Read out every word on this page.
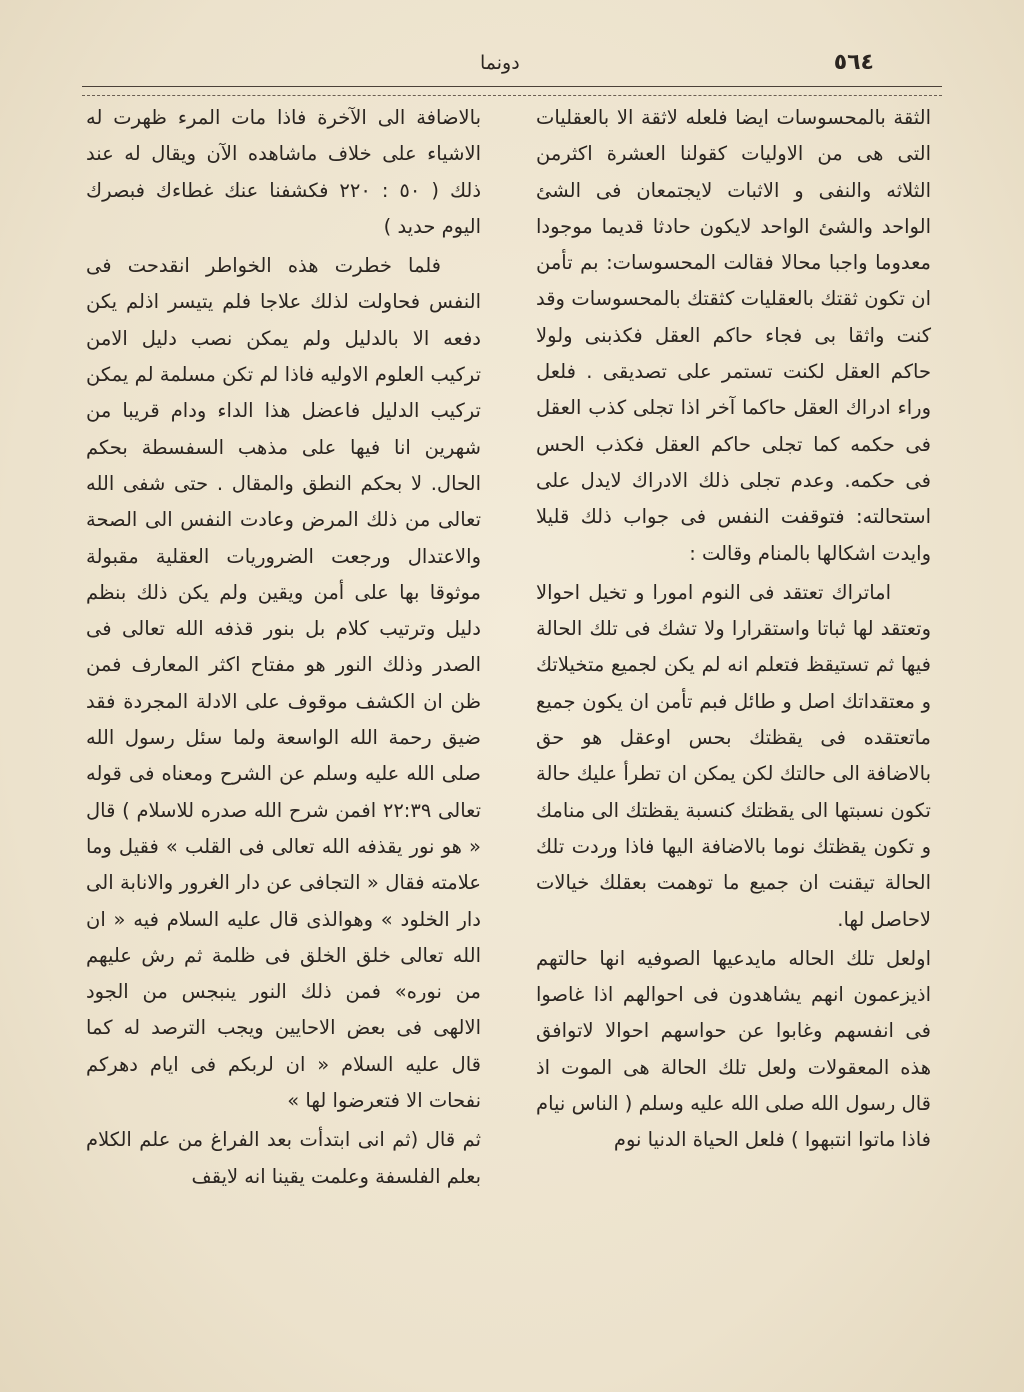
٥٦٤
دونما

الثقة بالمحسوسات ايضا فلعله لاثقة الا بالعقليات التى هى من الاوليات كقولنا العشرة اكثرمن الثلاثه والنفى و الاثبات لايجتمعان فى الشئ الواحد والشئ الواحد لايكون حادثا قديما موجودا معدوما واجبا محالا فقالت المحسوسات: بم تأمن ان تكون ثقتك بالعقليات كثقتك بالمحسوسات وقد كنت واثقا بى فجاء حاكم العقل فكذبنى ولولا حاكم العقل لكنت تستمر على تصديقى . فلعل وراء ادراك العقل حاكما آخر اذا تجلى كذب العقل فى حكمه كما تجلى حاكم العقل فكذب الحس فى حكمه. وعدم تجلى ذلك الادراك لايدل على استحالته: فتوقفت النفس فى جواب ذلك قليلا وايدت اشكالها بالمنام وقالت :

اماتراك تعتقد فى النوم امورا و تخيل احوالا وتعتقد لها ثباتا واستقرارا ولا تشك فى تلك الحالة فيها ثم تستيقظ فتعلم انه لم يكن لجميع متخيلاتك و معتقداتك اصل و طائل فبم تأمن ان يكون جميع ماتعتقده فى يقظتك بحس اوعقل هو حق بالاضافة الى حالتك لكن يمكن ان تطرأ عليك حالة تكون نسبتها الى يقظتك كنسبة يقظتك الى منامك و تكون يقظتك نوما بالاضافة اليها فاذا وردت تلك الحالة تيقنت ان جميع ما توهمت بعقلك خيالات لاحاصل لها.

اولعل تلك الحاله مايدعيها الصوفيه انها حالتهم اذيزعمون انهم يشاهدون فى احوالهم اذا غاصوا فى انفسهم وغابوا عن حواسهم احوالا لاتوافق هذه المعقولات ولعل تلك الحالة هى الموت اذ قال رسول الله صلى الله عليه وسلم ( الناس نيام فاذا ماتوا انتبهوا ) فلعل الحياة الدنيا نوم

بالاضافة الى الآخرة فاذا مات المرء ظهرت له الاشياء على خلاف ماشاهده الآن ويقال له عند ذلك ( ٥٠ : ٢٢٠ فكشفنا عنك غطاءك فبصرك اليوم حديد )

فلما خطرت هذه الخواطر انقدحت فى النفس فحاولت لذلك علاجا فلم يتيسر اذلم يكن دفعه الا بالدليل ولم يمكن نصب دليل الامن تركيب العلوم الاوليه فاذا لم تكن مسلمة لم يمكن تركيب الدليل فاعضل هذا الداء ودام قريبا من شهرين انا فيها على مذهب السفسطة بحكم الحال. لا بحكم النطق والمقال . حتى شفى الله تعالى من ذلك المرض وعادت النفس الى الصحة والاعتدال ورجعت الضروريات العقلية مقبولة موثوقا بها على أمن ويقين ولم يكن ذلك بنظم دليل وترتيب كلام بل بنور قذفه الله تعالى فى الصدر وذلك النور هو مفتاح اكثر المعارف فمن ظن ان الكشف موقوف على الادلة المجردة فقد ضيق رحمة الله الواسعة ولما سئل رسول الله صلى الله عليه وسلم عن الشرح ومعناه فى قوله تعالى ٢٢:٣٩ افمن شرح الله صدره للاسلام ) قال « هو نور يقذفه الله تعالى فى القلب » فقيل وما علامته فقال « التجافى عن دار الغرور والانابة الى دار الخلود » وهوالذى قال عليه السلام فيه « ان الله تعالى خلق الخلق فى ظلمة ثم رش عليهم من نوره» فمن ذلك النور ينبجس من الجود الالهى فى بعض الاحايين ويجب الترصد له كما قال عليه السلام « ان لربكم فى ايام دهركم نفحات الا فتعرضوا لها »

ثم قال (ثم انى ابتدأت بعد الفراغ من علم الكلام بعلم الفلسفة وعلمت يقينا انه لايقف
